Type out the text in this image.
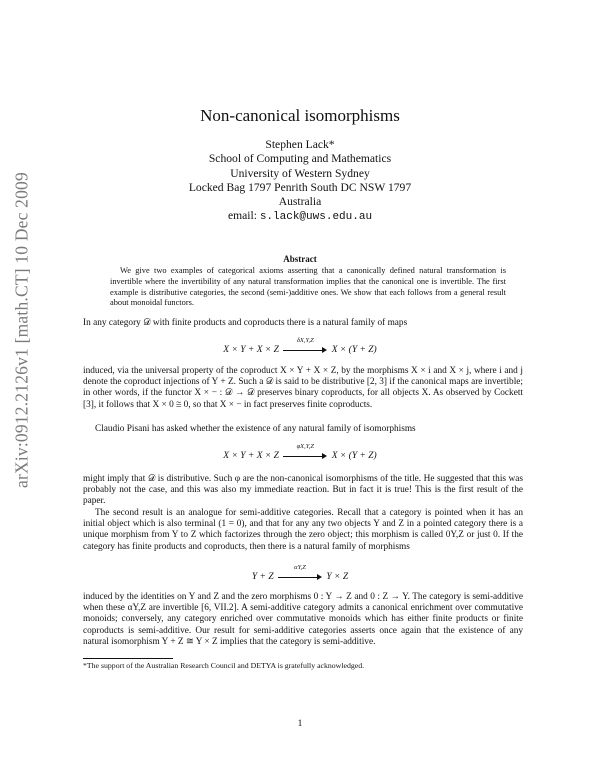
arXiv:0912.2126v1 [math.CT] 10 Dec 2009
Non-canonical isomorphisms
Stephen Lack*
School of Computing and Mathematics
University of Western Sydney
Locked Bag 1797 Penrith South DC NSW 1797
Australia
email: s.lack@uws.edu.au
Abstract
We give two examples of categorical axioms asserting that a canonically defined natural transformation is invertible where the invertibility of any natural transformation implies that the canonical one is invertible. The first example is distributive categories, the second (semi-)additive ones. We show that each follows from a general result about monoidal functors.
In any category 𝒟 with finite products and coproducts there is a natural family of maps
X × Y + X × Z
δX,Y,Z
X × (Y + Z)
induced, via the universal property of the coproduct X × Y + X × Z, by the morphisms X × i and X × j, where i and j denote the coproduct injections of Y + Z. Such a 𝒟 is said to be distributive [2, 3] if the canonical maps are invertible; in other words, if the functor X × − : 𝒟 → 𝒟 preserves binary coproducts, for all objects X. As observed by Cockett [3], it follows that X × 0 ≅ 0, so that X × − in fact preserves finite coproducts.
Claudio Pisani has asked whether the existence of any natural family of isomorphisms
X × Y + X × Z
φX,Y,Z
X × (Y + Z)
might imply that 𝒟 is distributive. Such φ are the non-canonical isomorphisms of the title. He suggested that this was probably not the case, and this was also my immediate reaction. But in fact it is true! This is the first result of the paper.
The second result is an analogue for semi-additive categories. Recall that a category is pointed when it has an initial object which is also terminal (1 = 0), and that for any any two objects Y and Z in a pointed category there is a unique morphism from Y to Z which factorizes through the zero object; this morphism is called 0Y,Z or just 0. If the category has finite products and coproducts, then there is a natural family of morphisms
Y + Z
αY,Z
Y × Z
induced by the identities on Y and Z and the zero morphisms 0 : Y → Z and 0 : Z → Y. The category is semi-additive when these αY,Z are invertible [6, VII.2]. A semi-additive category admits a canonical enrichment over commutative monoids; conversely, any category enriched over commutative monoids which has either finite products or finite coproducts is semi-additive. Our result for semi-additive categories asserts once again that the existence of any natural isomorphism Y + Z ≅ Y × Z implies that the category is semi-additive.
*The support of the Australian Research Council and DETYA is gratefully acknowledged.
1
